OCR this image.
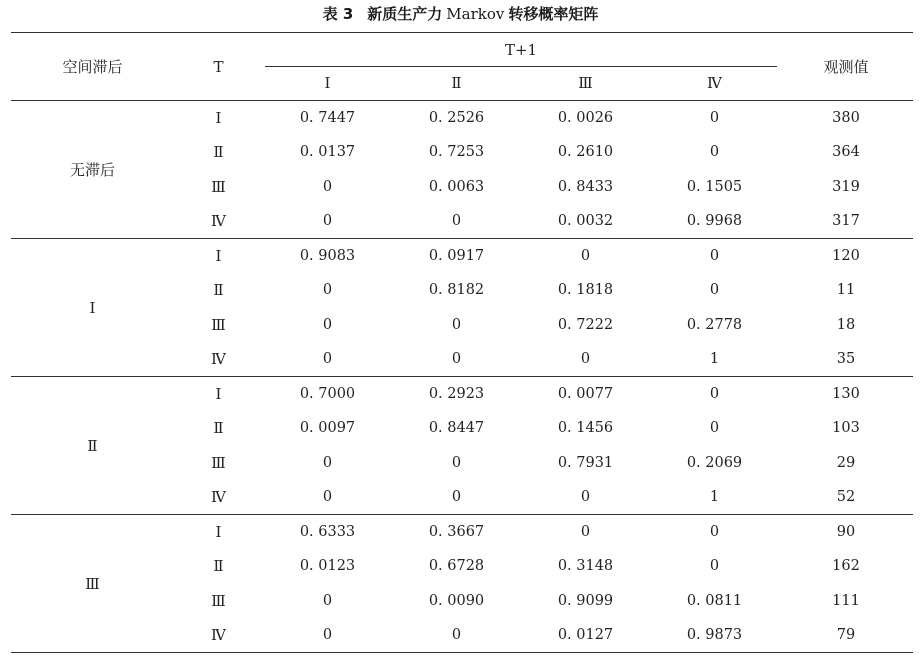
表 3 新质生产力 Markov 转移概率矩阵
空间滞后	T	T+1				观测值
		Ⅰ	Ⅱ	Ⅲ	Ⅳ	
无滞后	Ⅰ	0. 7447	0. 2526	0. 0026	0	380
	Ⅱ	0. 0137	0. 7253	0. 2610	0	364
	Ⅲ	0	0. 0063	0. 8433	0. 1505	319
	Ⅳ	0	0	0. 0032	0. 9968	317
Ⅰ	Ⅰ	0. 9083	0. 0917	0	0	120
	Ⅱ	0	0. 8182	0. 1818	0	11
	Ⅲ	0	0	0. 7222	0. 2778	18
	Ⅳ	0	0	0	1	35
Ⅱ	Ⅰ	0. 7000	0. 2923	0. 0077	0	130
	Ⅱ	0. 0097	0. 8447	0. 1456	0	103
	Ⅲ	0	0	0. 7931	0. 2069	29
	Ⅳ	0	0	0	1	52
Ⅲ	Ⅰ	0. 6333	0. 3667	0	0	90
	Ⅱ	0. 0123	0. 6728	0. 3148	0	162
	Ⅲ	0	0. 0090	0. 9099	0. 0811	111
	Ⅳ	0	0	0. 0127	0. 9873	79
